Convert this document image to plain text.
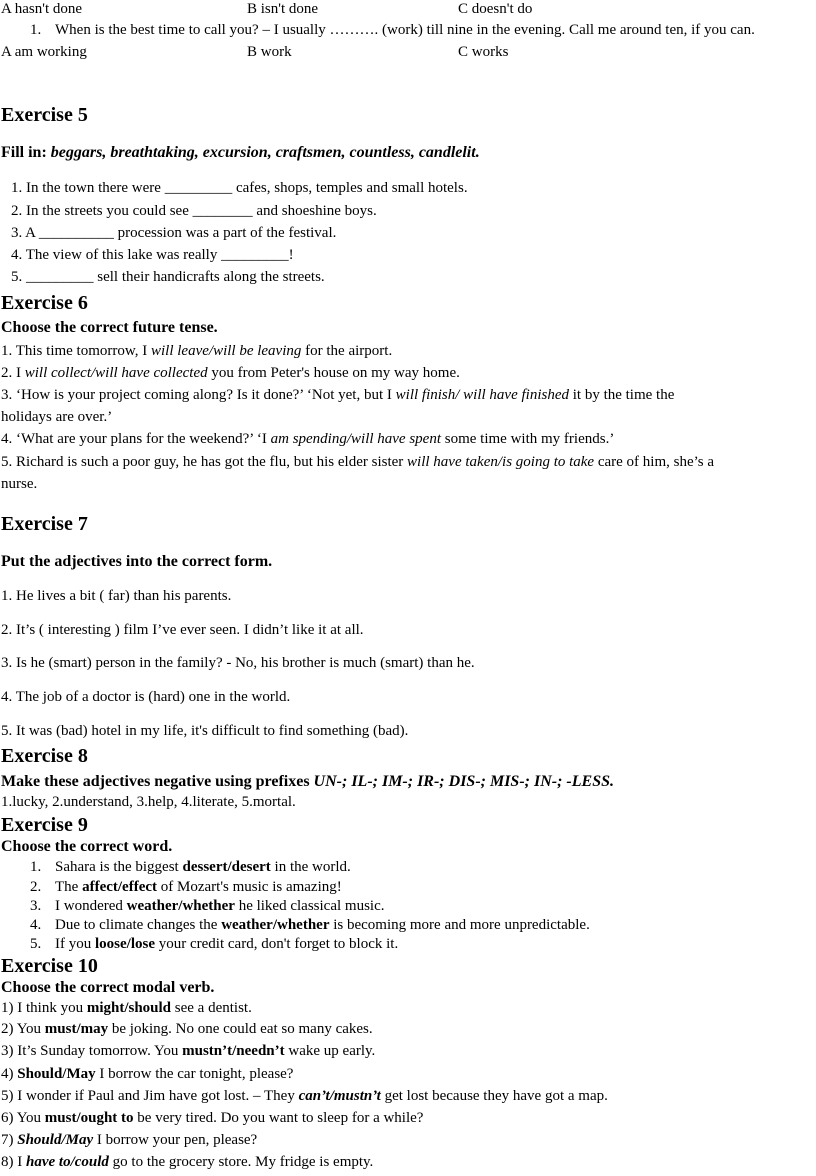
A hasn't done	B isn't done	C doesn't do
1. When is the best time to call you? – I usually ………. (work) till nine in the evening. Call me around ten, if you can.
A am working	B work	C works
Exercise 5
Fill in: beggars, breathtaking, excursion, craftsmen, countless, candlelit.
1. In the town there were _________ cafes, shops, temples and small hotels.
2. In the streets you could see ________ and shoeshine boys.
3. A __________ procession was a part of the festival.
4. The view of this lake was really _________!
5. _________ sell their handicrafts along the streets.
Exercise 6
Choose the correct future tense.
1. This time tomorrow, I will leave/will be leaving for the airport.
2. I will collect/will have collected you from Peter's house on my way home.
3. ‘How is your project coming along? Is it done?’ ‘Not yet, but I will finish/ will have finished it by the time the
holidays are over.’
4. ‘What are your plans for the weekend?’ ‘I am spending/will have spent some time with my friends.’
5. Richard is such a poor guy, he has got the flu, but his elder sister will have taken/is going to take care of him, she’s a
nurse.
Exercise 7
Put the adjectives into the correct form.
1. He lives a bit ( far) than his parents.
2. It’s ( interesting ) film I’ve ever seen. I didn’t like it at all.
3. Is he (smart) person in the family? - No, his brother is much (smart) than he.
4. The job of a doctor is (hard) one in the world.
5. It was (bad) hotel in my life, it's difficult to find something (bad).
Exercise 8
Make these adjectives negative using prefixes UN-; IL-; IM-; IR-; DIS-; MIS-; IN-; -LESS.
1.lucky, 2.understand, 3.help, 4.literate, 5.mortal.
Exercise 9
Choose the correct word.
1. Sahara is the biggest dessert/desert in the world.
2. The affect/effect of Mozart's music is amazing!
3. I wondered weather/whether he liked classical music.
4. Due to climate changes the weather/whether is becoming more and more unpredictable.
5. If you loose/lose your credit card, don't forget to block it.
Exercise 10
Choose the correct modal verb.
1) I think you might/should see a dentist.
2) You must/may be joking. No one could eat so many cakes.
3) It’s Sunday tomorrow. You mustn’t/needn’t wake up early.
4) Should/May I borrow the car tonight, please?
5) I wonder if Paul and Jim have got lost. – They can’t/mustn’t get lost because they have got a map.
6) You must/ought to be very tired. Do you want to sleep for a while?
7) Should/May I borrow your pen, please?
8) I have to/could go to the grocery store. My fridge is empty.
